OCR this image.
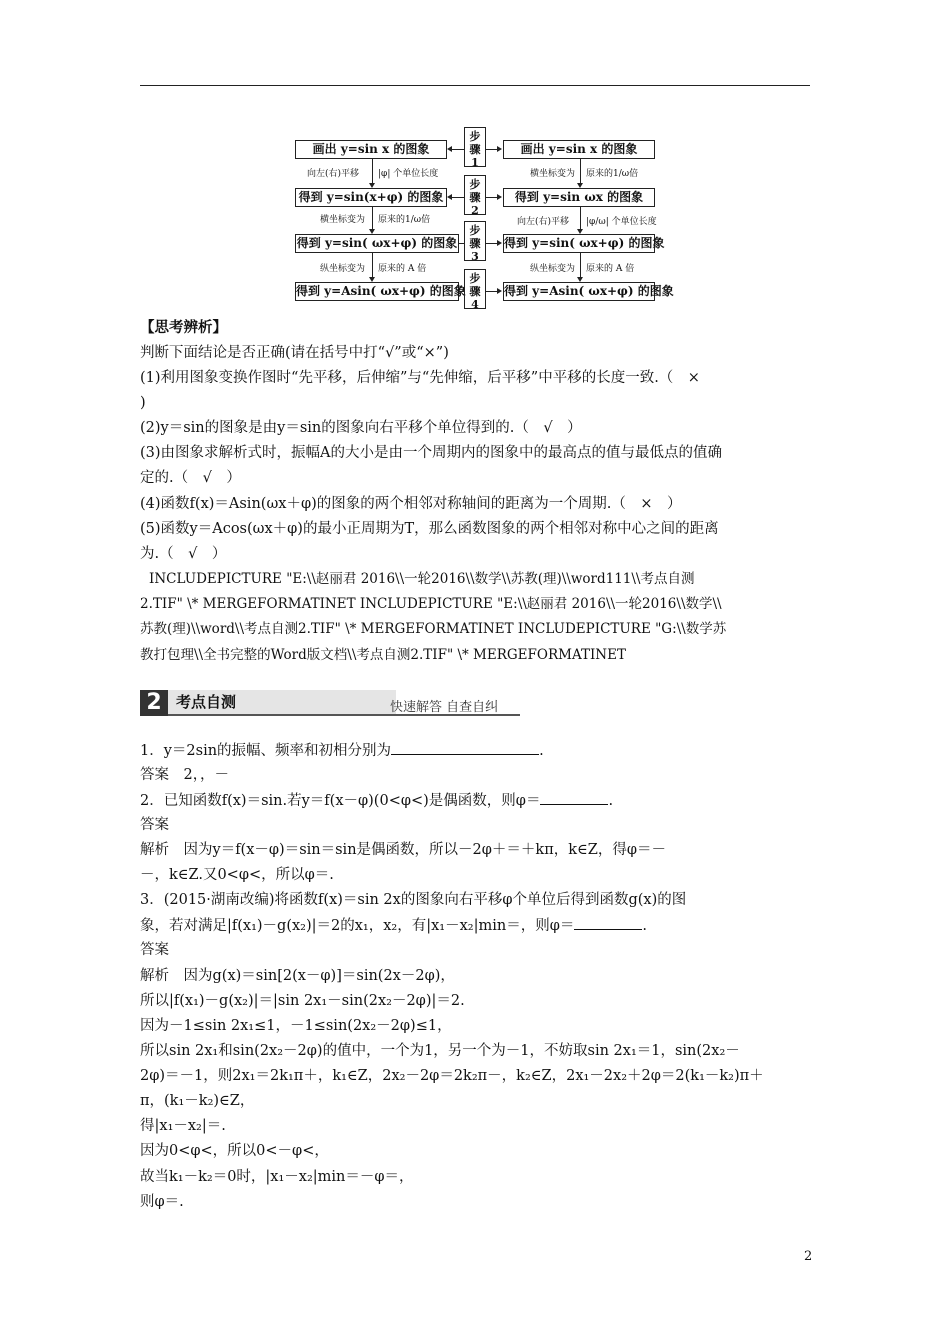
画出 y=sin x 的图象
得到 y=sin(x+φ) 的图象
得到 y=sin( ωx+φ) 的图象
得到 y=Asin( ωx+φ) 的图象
画出 y=sin x 的图象
得到 y=sin ωx 的图象
得到 y=sin( ωx+φ) 的图象
得到 y=Asin( ωx+φ) 的图象
步
骤
1
步
骤
2
步
骤
3
步
骤
4
向左(右)平移 |φ| 个单位长度
横坐标变为 原来的1/ω倍
纵坐标变为 原来的 A 倍
横坐标变为 原来的1/ω倍
向左(右)平移 |φ/ω| 个单位长度
纵坐标变为 原来的 A 倍
【思考辨析】
判断下面结论是否正确(请在括号中打“√”或“×”)
(1)利用图象变换作图时“先平移，后伸缩”与“先伸缩，后平移”中平移的长度一致.（　×
)
(2)y＝sin的图象是由y＝sin的图象向右平移个单位得到的.（　√　）
(3)由图象求解析式时，振幅A的大小是由一个周期内的图象中的最高点的值与最低点的值确
定的.（　√　）
(4)函数f(x)＝Asin(ωx＋φ)的图象的两个相邻对称轴间的距离为一个周期.（　×　）
(5)函数y＝Acos(ωx＋φ)的最小正周期为T，那么函数图象的两个相邻对称中心之间的距离
为.（　√　）
INCLUDEPICTURE "E:\\赵丽君 2016\\一轮2016\\数学\\苏教(理)\\word111\\考点自测
2.TIF" \* MERGEFORMATINET INCLUDEPICTURE "E:\\赵丽君 2016\\一轮2016\\数学\\
苏教(理)\\word\\考点自测2.TIF" \* MERGEFORMATINET INCLUDEPICTURE "G:\\数学苏
教打包理\\全书完整的Word版文档\\考点自测2.TIF" \* MERGEFORMATINET
2 考点自测	快速解答 自查自纠
1．y＝2sin的振幅、频率和初相分别为	.
答案　2，，－
2．已知函数f(x)＝sin.若y＝f(x－φ)(0<φ<)是偶函数，则φ＝	.
答案
解析　因为y＝f(x－φ)＝sin＝sin是偶函数，所以－2φ＋＝＋kπ，k∈Z，得φ＝－
－，k∈Z.又0<φ<，所以φ＝.
3．(2015·湖南改编)将函数f(x)＝sin 2x的图象向右平移φ个单位后得到函数g(x)的图
象，若对满足|f(x₁)－g(x₂)|＝2的x₁，x₂，有|x₁－x₂|min＝，则φ＝	.
答案
解析　因为g(x)＝sin[2(x－φ)]＝sin(2x－2φ)，
所以|f(x₁)－g(x₂)|＝|sin 2x₁－sin(2x₂－2φ)|＝2.
因为－1≤sin 2x₁≤1，－1≤sin(2x₂－2φ)≤1，
所以sin 2x₁和sin(2x₂－2φ)的值中，一个为1，另一个为－1，不妨取sin 2x₁＝1，sin(2x₂－
2φ)＝－1，则2x₁＝2k₁π＋，k₁∈Z，2x₂－2φ＝2k₂π－，k₂∈Z，2x₁－2x₂＋2φ＝2(k₁－k₂)π＋
π，(k₁－k₂)∈Z，
得|x₁－x₂|＝.
因为0<φ<，所以0<－φ<，
故当k₁－k₂＝0时，|x₁－x₂|min＝－φ＝，
则φ＝.
2
